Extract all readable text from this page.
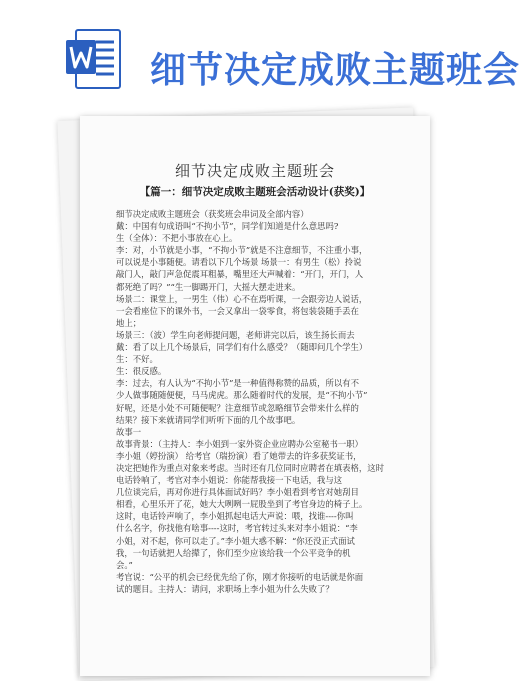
细节决定成败主题班会
细节决定成败主题班会
【篇一：细节决定成败主题班会活动设计(获奖)】

细节决定成败主题班会（获奖班会串词及全部内容）

戴：中国有句成语叫“不拘小节”，同学们知道是什么意思吗?

生（全体）：不把小事放在心上。

李：对，小节就是小事，“不拘小节”就是不注意细节，不注重小事，

可以说是小事随便。请看以下几个场景 场景一：有男生（松）拎说

敲门人，敲门声急促震耳粗暴，嘴里还大声喊着：“开门，开门，人

都死绝了吗？”“生一脚踢开门，大摇大摆走进来。

场景二：课堂上，一男生（伟）心不在焉听课，一会跟旁边人说话，

一会看座位下的课外书，一会又拿出一袋零食，将包装袋随手丢在

地上；

场景三：（波）学生向老师提问题，老师讲完以后，该生扬长而去

戴：看了以上几个场景后，同学们有什么感受？（随即问几个学生）

生：不好。

生：很反感。

李：过去，有人认为“不拘小节”是一种值得称赞的品质，所以有不

少人做事随随便便，马马虎虎。那么随着时代的发展，是“不拘小节”

好呢，还是小处不可随便呢？注意细节或忽略细节会带来什么样的

结果？接下来就请同学们听听下面的几个故事吧。

故事一

故事背景：（主持人：李小姐到一家外资企业应聘办公室秘书一职）

李小姐（婷扮演） 给考官（瑞扮演）看了她带去的许多获奖证书，

决定把她作为重点对象来考虑。当时还有几位同时应聘者在填表格，这时

电话铃响了，考官对李小姐说：你能帮我接一下电话，我与这

几位谈完后，再对你进行具体面试好吗？李小姐看到考官对她刮目

相看，心里乐开了花，她大大咧咧一屁股坐到了考官身边的椅子上。

这时，电话铃声响了，李小姐抓起电话大声说：喂，找谁----你叫

什么名字，你找他有啥事----这时，考官转过头来对李小姐说：“李

小姐，对不起，你可以走了。”李小姐大惑不解：“你还没正式面试

我，一句话就把人给撵了，你们至少应该给我一个公平竞争的机

会。”

考官说：“公平的机会已经优先给了你，刚才你接听的电话就是你面

试的题目。主持人：请问，求职场上李小姐为什么失败了？
